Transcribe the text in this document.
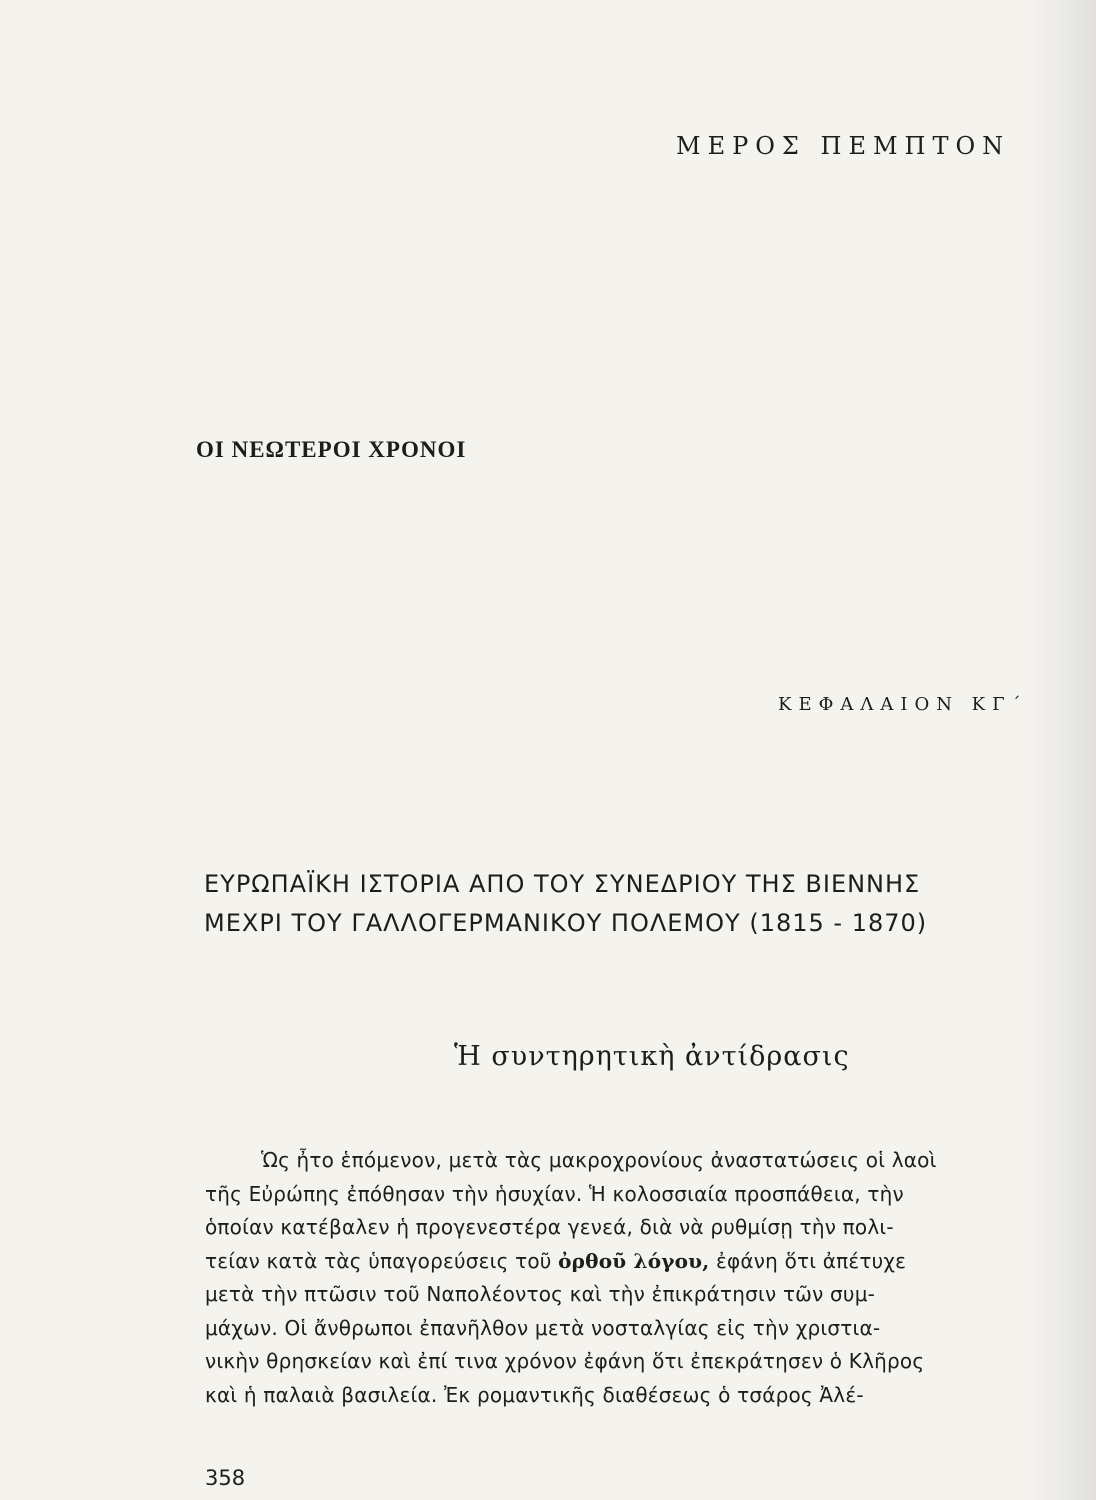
ΜΕΡΟΣ ΠΕΜΠΤΟΝ
ΟΙ ΝΕΩΤΕΡΟΙ ΧΡΟΝΟΙ
ΚΕΦΑΛΑΙΟΝ ΚΓ΄
ΕΥΡΩΠΑΪΚΗ ΙΣΤΟΡΙΑ ΑΠΟ ΤΟΥ ΣΥΝΕΔΡΙΟΥ ΤΗΣ ΒΙΕΝΝΗΣ
ΜΕΧΡΙ ΤΟΥ ΓΑΛΛΟΓΕΡΜΑΝΙΚΟΥ ΠΟΛΕΜΟΥ (1815 - 1870)
Ἡ συντηρητικὴ ἀντίδρασις
Ὡς ἦτο ἑπόμενον, μετὰ τὰς μακροχρονίους ἀναστατώσεις οἱ λαοὶ
τῆς Εὐρώπης ἐπόθησαν τὴν ἡσυχίαν. Ἡ κολοσσιαία προσπάθεια, τὴν
ὁποίαν κατέβαλεν ἡ προγενεστέρα γενεά, διὰ νὰ ρυθμίσῃ τὴν πολι-
τείαν κατὰ τὰς ὑπαγορεύσεις τοῦ ὀρθοῦ λόγου, ἐφάνη ὅτι ἀπέτυχε
μετὰ τὴν πτῶσιν τοῦ Ναπολέοντος καὶ τὴν ἐπικράτησιν τῶν συμ-
μάχων. Οἱ ἄνθρωποι ἐπανῆλθον μετὰ νοσταλγίας εἰς τὴν χριστια-
νικὴν θρησκείαν καὶ ἐπί τινα χρόνον ἐφάνη ὅτι ἐπεκράτησεν ὁ Κλῆρος
καὶ ἡ παλαιὰ βασιλεία. Ἐκ ρομαντικῆς διαθέσεως ὁ τσάρος Ἀλέ-
358
